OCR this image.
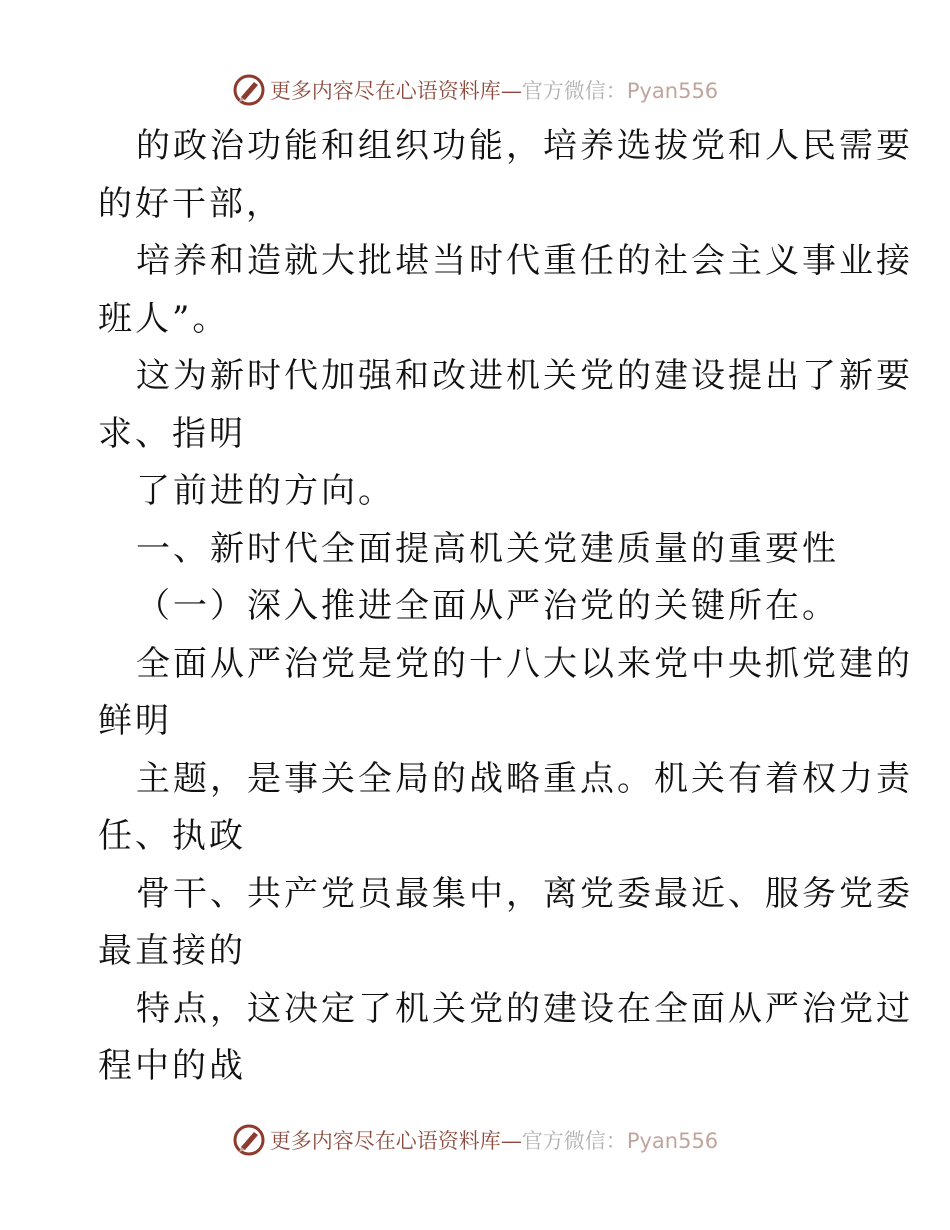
更多内容尽在心语资料库—官方微信：Pyan556
的政治功能和组织功能，培养选拔党和人民需要
的好干部，
培养和造就大批堪当时代重任的社会主义事业接
班人”。
这为新时代加强和改进机关党的建设提出了新要
求、指明
了前进的方向。
一、新时代全面提高机关党建质量的重要性
（一）深入推进全面从严治党的关键所在。
全面从严治党是党的十八大以来党中央抓党建的
鲜明
主题，是事关全局的战略重点。机关有着权力责
任、执政
骨干、共产党员最集中，离党委最近、服务党委
最直接的
特点，这决定了机关党的建设在全面从严治党过
程中的战
更多内容尽在心语资料库—官方微信：Pyan556
